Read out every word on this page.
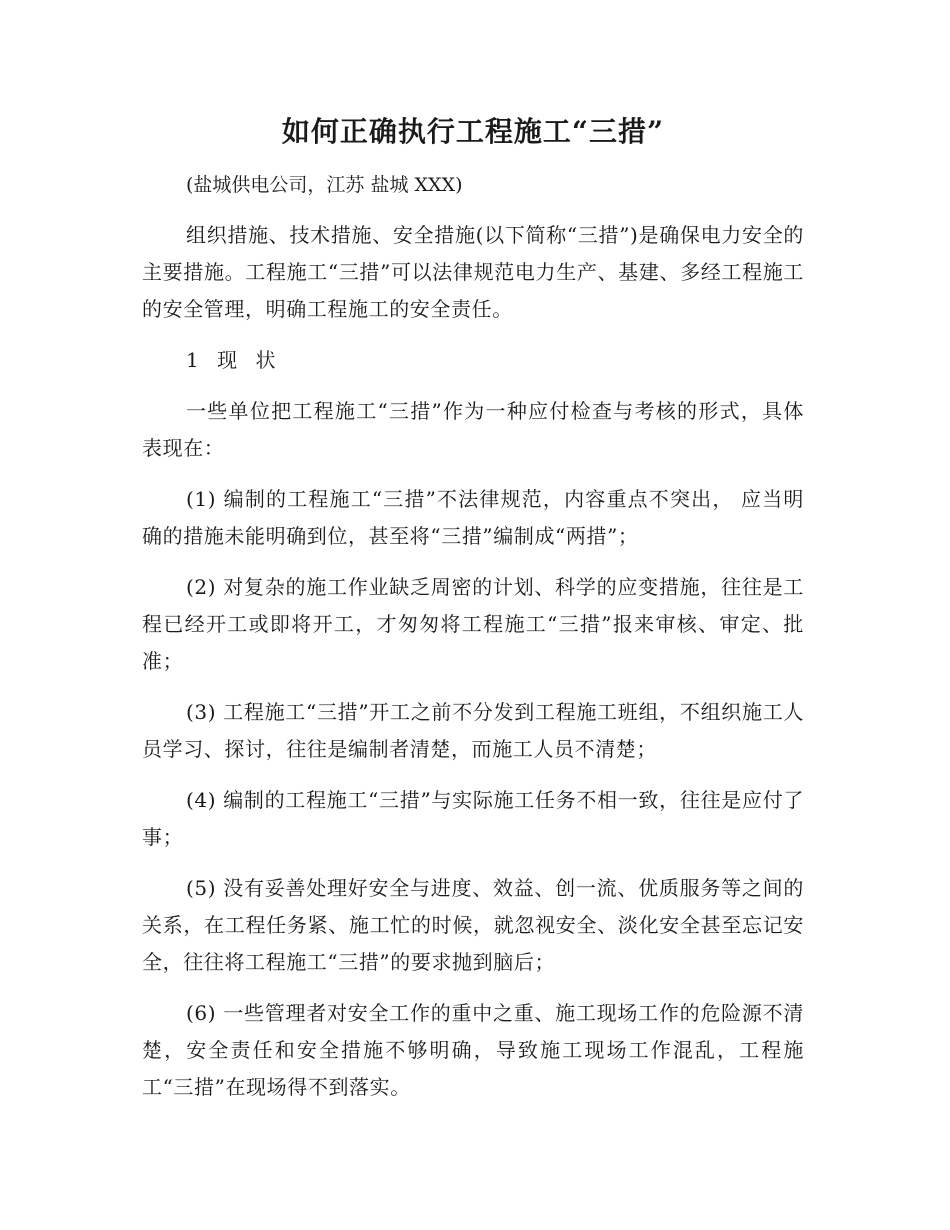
如何正确执行工程施工“三措”
(盐城供电公司，江苏 盐城 XXX)

组织措施、技术措施、安全措施(以下简称“三措”)是确保电力安全的主要措施。工程施工“三措”可以法律规范电力生产、基建、多经工程施工的安全管理，明确工程施工的安全责任。

1 现 状

一些单位把工程施工“三措”作为一种应付检查与考核的形式，具体表现在：

(1) 编制的工程施工“三措”不法律规范，内容重点不突出， 应当明确的措施未能明确到位，甚至将“三措”编制成“两措”；

(2) 对复杂的施工作业缺乏周密的计划、科学的应变措施，往往是工程已经开工或即将开工，才匆匆将工程施工“三措”报来审核、审定、批准；

(3) 工程施工“三措”开工之前不分发到工程施工班组，不组织施工人员学习、探讨，往往是编制者清楚，而施工人员不清楚；

(4) 编制的工程施工“三措”与实际施工任务不相一致，往往是应付了事；

(5) 没有妥善处理好安全与进度、效益、创一流、优质服务等之间的关系，在工程任务紧、施工忙的时候，就忽视安全、淡化安全甚至忘记安全，往往将工程施工“三措”的要求抛到脑后；

(6) 一些管理者对安全工作的重中之重、施工现场工作的危险源不清楚，安全责任和安全措施不够明确，导致施工现场工作混乱，工程施工“三措”在现场得不到落实。
